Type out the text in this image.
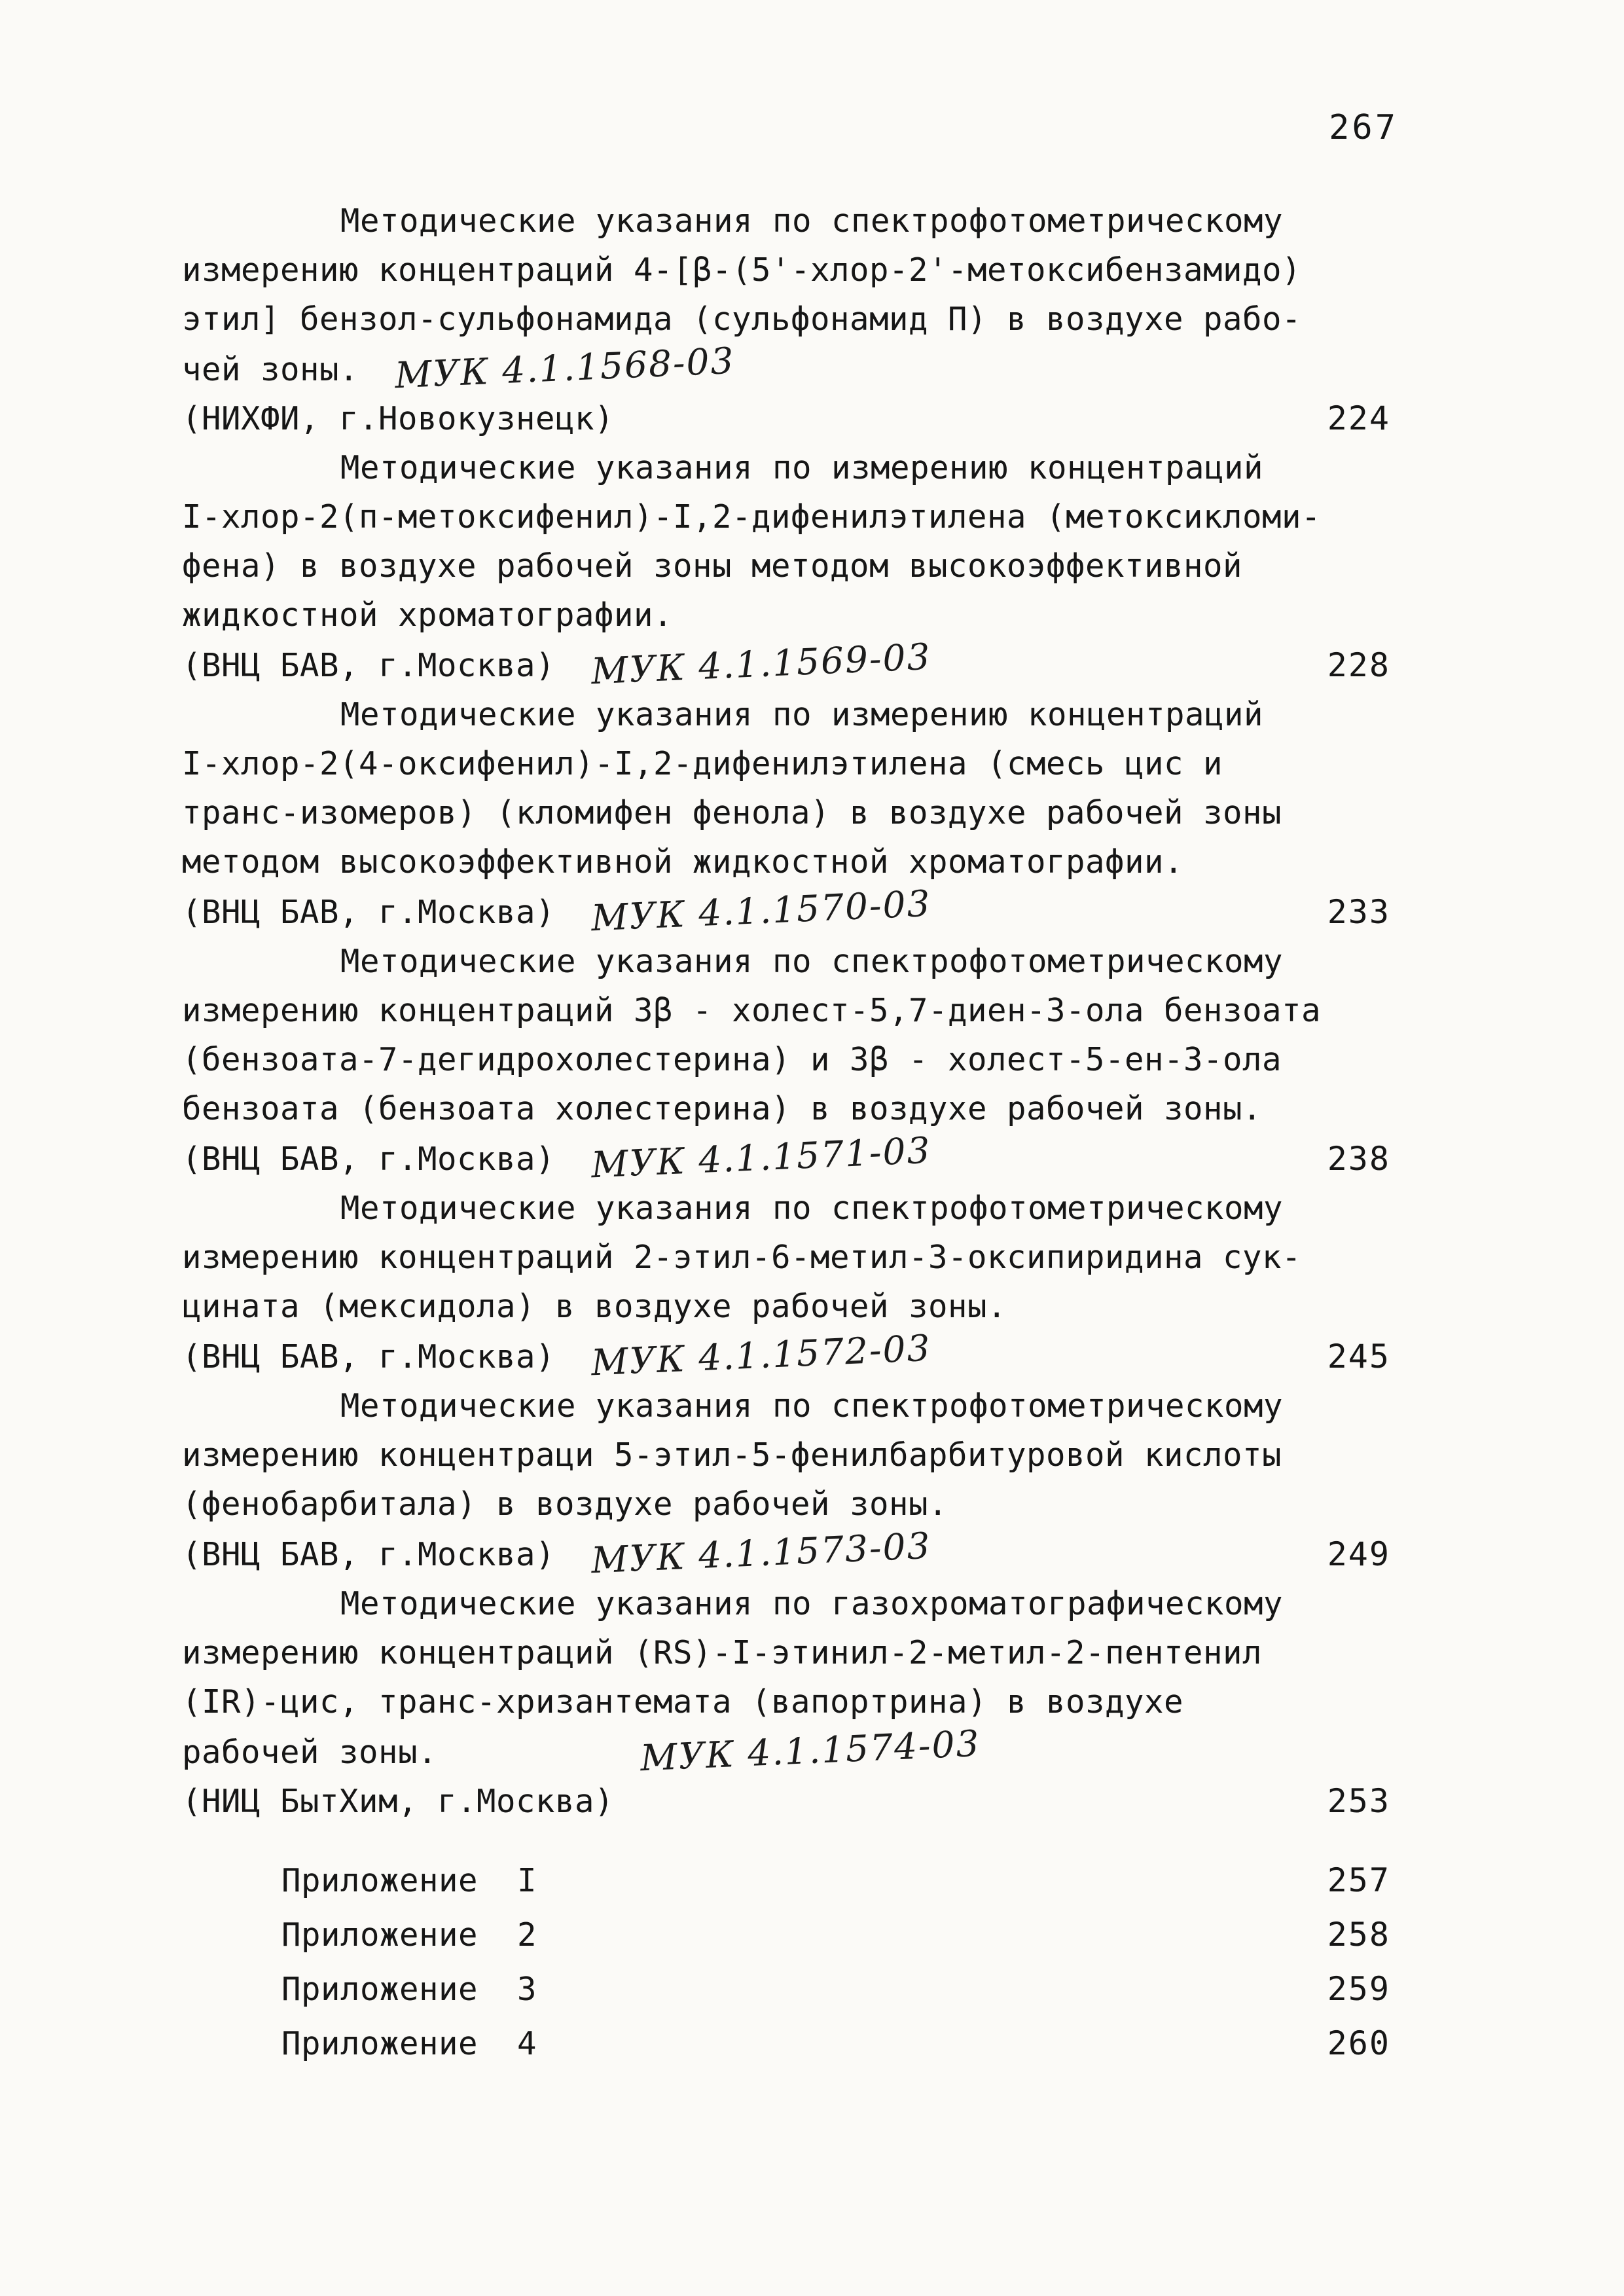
267
Методические указания по спектрофотометрическому
измерению концентраций 4-[β-(5'-хлор-2'-метоксибензамидо)
этил] бензол-сульфонамида (сульфонамид П) в воздухе рабо-
чей зоны. МУК 4.1.1568-03
(НИХФИ, г.Новокузнецк)	224
Методические указания по измерению концентраций
I-хлор-2(п-метоксифенил)-I,2-дифенилэтилена (метоксикломи-
фена) в воздухе рабочей зоны методом высокоэффективной
жидкостной хроматографии.
(ВНЦ БАВ, г.Москва) МУК 4.1.1569-03	228
Методические указания по измерению концентраций
I-хлор-2(4-оксифенил)-I,2-дифенилэтилена (смесь цис и
транс-изомеров) (кломифен фенола) в воздухе рабочей зоны
методом высокоэффективной жидкостной хроматографии.
(ВНЦ БАВ, г.Москва) МУК 4.1.1570-03	233
Методические указания по спектрофотометрическому
измерению концентраций 3β - холест-5,7-диен-3-ола бензоата
(бензоата-7-дегидрохолестерина) и 3β - холест-5-ен-3-ола
бензоата (бензоата холестерина) в воздухе рабочей зоны.
(ВНЦ БАВ, г.Москва) МУК 4.1.1571-03	238
Методические указания по спектрофотометрическому
измерению концентраций 2-этил-6-метил-3-оксипиридина сук-
цината (мексидола) в воздухе рабочей зоны.
(ВНЦ БАВ, г.Москва) МУК 4.1.1572-03	245
Методические указания по спектрофотометрическому
измерению концентраци 5-этил-5-фенилбарбитуровой кислоты
(фенобарбитала) в воздухе рабочей зоны.
(ВНЦ БАВ, г.Москва) МУК 4.1.1573-03	249
Методические указания по газохроматографическому
измерению концентраций (RS)-I-этинил-2-метил-2-пентенил
(IR)-цис, транс-хризантемата (вапортрина) в воздухе
рабочей зоны.	МУК 4.1.1574-03
(НИЦ БытХим, г.Москва)	253
Приложение  I	257
Приложение  2	258
Приложение  3	259
Приложение  4	260
